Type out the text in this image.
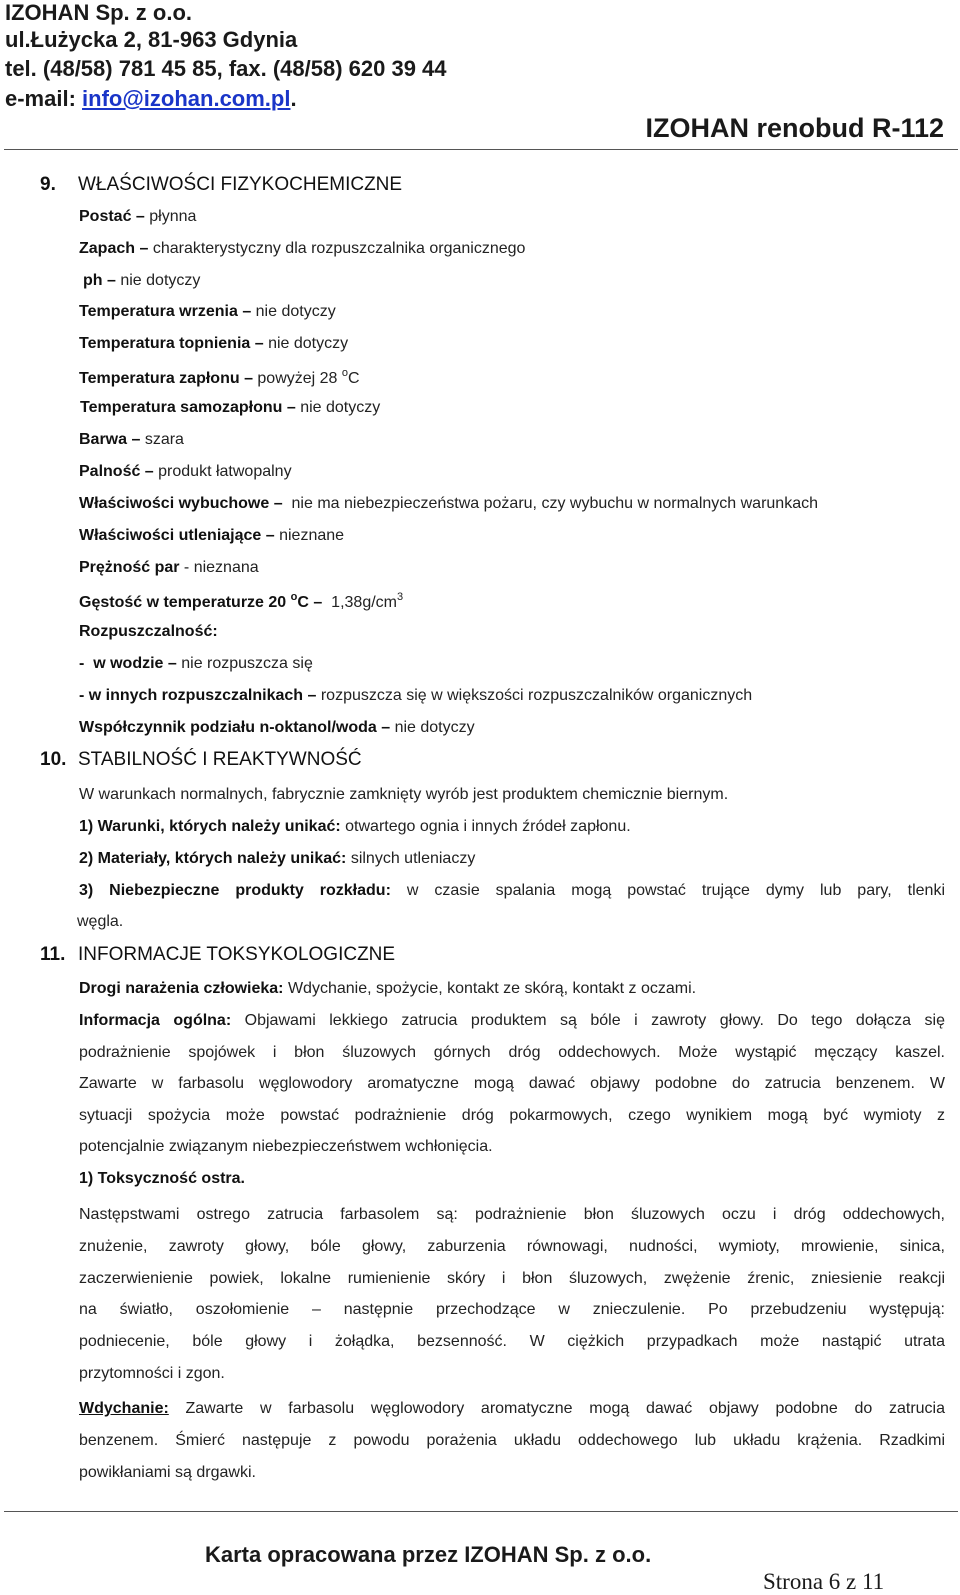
IZOHAN Sp. z o.o.
ul.Łużycka 2, 81-963 Gdynia
tel. (48/58) 781 45 85, fax. (48/58) 620 39 44
e-mail: info@izohan.com.pl.
IZOHAN renobud R-112
9. WŁAŚCIWOŚCI FIZYKOCHEMICZNE
Postać – płynna
Zapach – charakterystyczny dla rozpuszczalnika organicznego
ph – nie dotyczy
Temperatura wrzenia – nie dotyczy
Temperatura topnienia – nie dotyczy
Temperatura zapłonu – powyżej 28 $^o$C
Temperatura samozapłonu – nie dotyczy
Barwa – szara
Palność – produkt łatwopalny
Właściwości wybuchowe –  nie ma niebezpieczeństwa pożaru, czy wybuchu w normalnych warunkach
Właściwości utleniające – nieznane
Prężność par - nieznana
Gęstość w temperaturze 20 $^oC - 1,38g/cm^3$
Rozpuszczalność:
-  w wodzie – nie rozpuszcza się
- w innych rozpuszczalnikach – rozpuszcza się w większości rozpuszczalników organicznych
Współczynnik podziału n-oktanol/woda – nie dotyczy
10. STABILNOŚĆ I REAKTYWNOŚĆ
W warunkach normalnych, fabrycznie zamknięty wyrób jest produktem chemicznie biernym.
1) Warunki, których należy unikać: otwartego ognia i innych źródeł zapłonu.
2) Materiały, których należy unikać: silnych utleniaczy
3) Niebezpieczne produkty rozkładu: w czasie spalania mogą powstać trujące dymy lub pary, tlenki
węgla.
11. INFORMACJE TOKSYKOLOGICZNE
Drogi narażenia człowieka: Wdychanie, spożycie, kontakt ze skórą, kontakt z oczami.
Informacja ogólna: Objawami lekkiego zatrucia produktem są bóle i zawroty głowy. Do tego dołącza się
podrażnienie spojówek i błon śluzowych górnych dróg oddechowych. Może wystąpić męczący kaszel.
Zawarte w farbasolu węglowodory aromatyczne mogą dawać objawy podobne do zatrucia benzenem. W
sytuacji spożycia może powstać podrażnienie dróg pokarmowych, czego wynikiem mogą być wymioty z
potencjalnie związanym niebezpieczeństwem wchłonięcia.
1) Toksyczność ostra.
Następstwami ostrego zatrucia farbasolem są: podrażnienie błon śluzowych oczu i dróg oddechowych,
znużenie, zawroty głowy, bóle głowy, zaburzenia równowagi, nudności, wymioty, mrowienie, sinica,
zaczerwienienie powiek, lokalne rumienienie skóry i błon śluzowych, zwężenie źrenic, zniesienie reakcji
na światło, oszołomienie – następnie przechodzące w znieczulenie. Po przebudzeniu występują:
podniecenie, bóle głowy i żołądka, bezsenność. W ciężkich przypadkach może nastąpić utrata
przytomności i zgon.
Wdychanie: Zawarte w farbasolu węglowodory aromatyczne mogą dawać objawy podobne do zatrucia
benzenem. Śmierć następuje z powodu porażenia układu oddechowego lub układu krążenia. Rzadkimi
powikłaniami są drgawki.
Karta opracowana przez IZOHAN Sp. z o.o.
Strona 6 z 11
